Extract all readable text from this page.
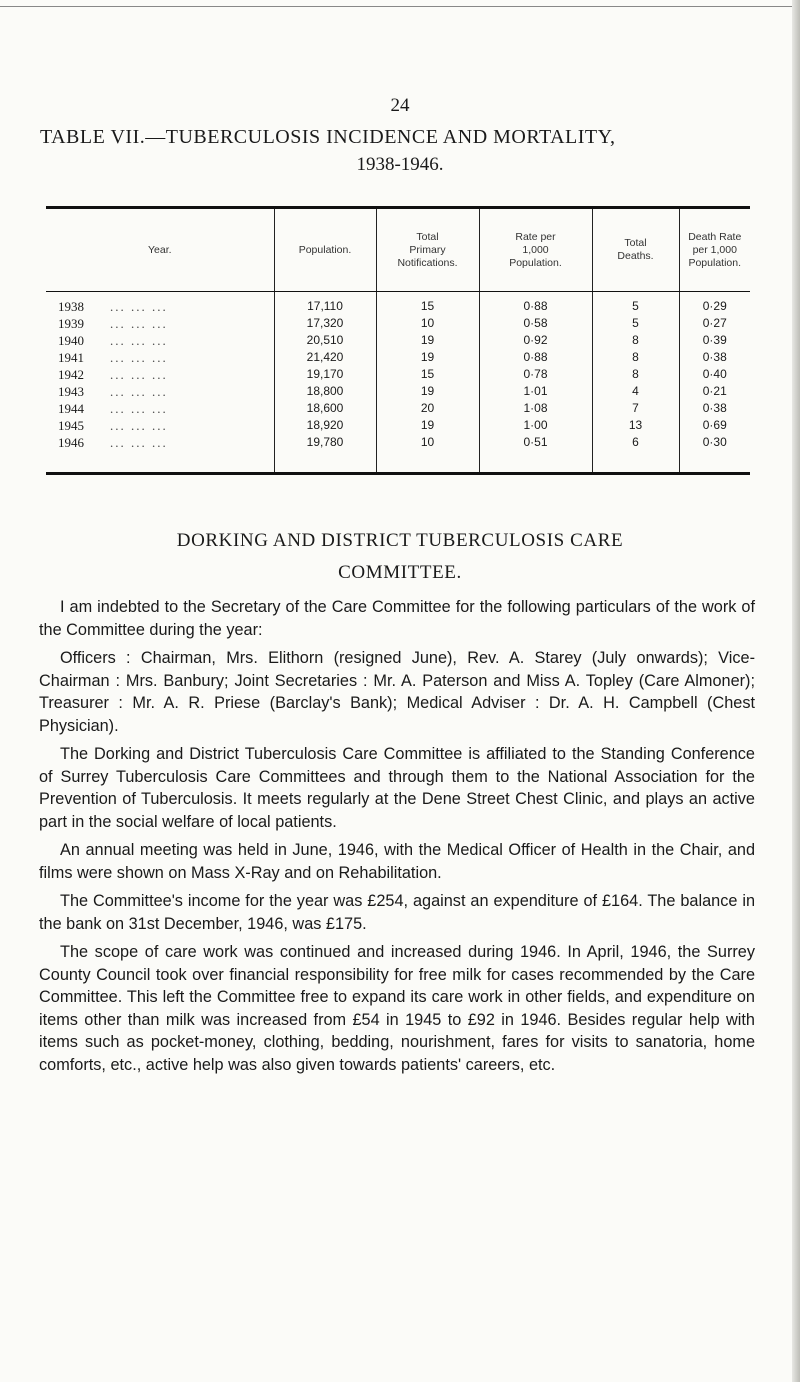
24
TABLE VII.—TUBERCULOSIS INCIDENCE AND MORTALITY,
1938-1946.
Year.	Population.	Total
Primary
Notifications.	Rate per
1,000
Population.	Total
Deaths.	Death Rate
per 1,000
Population.
1938 ... ... ...	17,110	15	0·88	5	0·29
1939 ... ... ...	17,320	10	0·58	5	0·27
1940 ... ... ...	20,510	19	0·92	8	0·39
1941 ... ... ...	21,420	19	0·88	8	0·38
1942 ... ... ...	19,170	15	0·78	8	0·40
1943 ... ... ...	18,800	19	1·01	4	0·21
1944 ... ... ...	18,600	20	1·08	7	0·38
1945 ... ... ...	18,920	19	1·00	13	0·69
1946 ... ... ...	19,780	10	0·51	6	0·30
DORKING AND DISTRICT TUBERCULOSIS CARE
COMMITTEE.

I am indebted to the Secretary of the Care Committee for the following particulars of the work of the Committee during the year:

Officers : Chairman, Mrs. Elithorn (resigned June), Rev. A. Starey (July onwards); Vice-Chairman : Mrs. Banbury; Joint Secretaries : Mr. A. Paterson and Miss A. Topley (Care Almoner); Treasurer : Mr. A. R. Priese (Barclay's Bank); Medical Adviser : Dr. A. H. Campbell (Chest Physician).

The Dorking and District Tuberculosis Care Committee is affiliated to the Standing Conference of Surrey Tuberculosis Care Committees and through them to the National Association for the Prevention of Tuberculosis. It meets regularly at the Dene Street Chest Clinic, and plays an active part in the social welfare of local patients.

An annual meeting was held in June, 1946, with the Medical Officer of Health in the Chair, and films were shown on Mass X-Ray and on Rehabilitation.

The Committee's income for the year was £254, against an expenditure of £164. The balance in the bank on 31st December, 1946, was £175.

The scope of care work was continued and increased during 1946. In April, 1946, the Surrey County Council took over financial responsibility for free milk for cases recommended by the Care Committee. This left the Committee free to expand its care work in other fields, and expenditure on items other than milk was increased from £54 in 1945 to £92 in 1946. Besides regular help with items such as pocket-money, clothing, bedding, nourishment, fares for visits to sanatoria, home comforts, etc., active help was also given towards patients' careers, etc.
